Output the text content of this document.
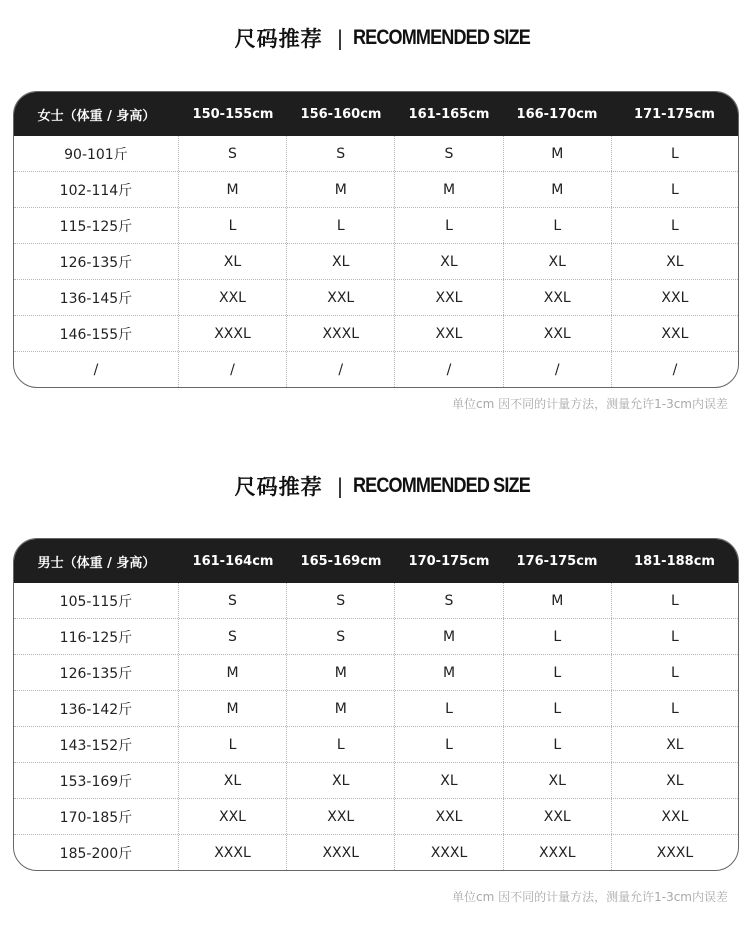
尺码推荐 | RECOMMENDED SIZE
女士（体重 / 身高）	150-155cm	156-160cm	161-165cm	166-170cm	171-175cm
90-101斤	S	S	S	M	L
102-114斤	M	M	M	M	L
115-125斤	L	L	L	L	L
126-135斤	XL	XL	XL	XL	XL
136-145斤	XXL	XXL	XXL	XXL	XXL
146-155斤	XXXL	XXXL	XXL	XXL	XXL
/	/	/	/	/	/
单位cm 因不同的计量方法，测量允许1-3cm内误差
尺码推荐 | RECOMMENDED SIZE
男士（体重 / 身高）	161-164cm	165-169cm	170-175cm	176-175cm	181-188cm
105-115斤	S	S	S	M	L
116-125斤	S	S	M	L	L
126-135斤	M	M	M	L	L
136-142斤	M	M	L	L	L
143-152斤	L	L	L	L	XL
153-169斤	XL	XL	XL	XL	XL
170-185斤	XXL	XXL	XXL	XXL	XXL
185-200斤	XXXL	XXXL	XXXL	XXXL	XXXL
单位cm 因不同的计量方法，测量允许1-3cm内误差
